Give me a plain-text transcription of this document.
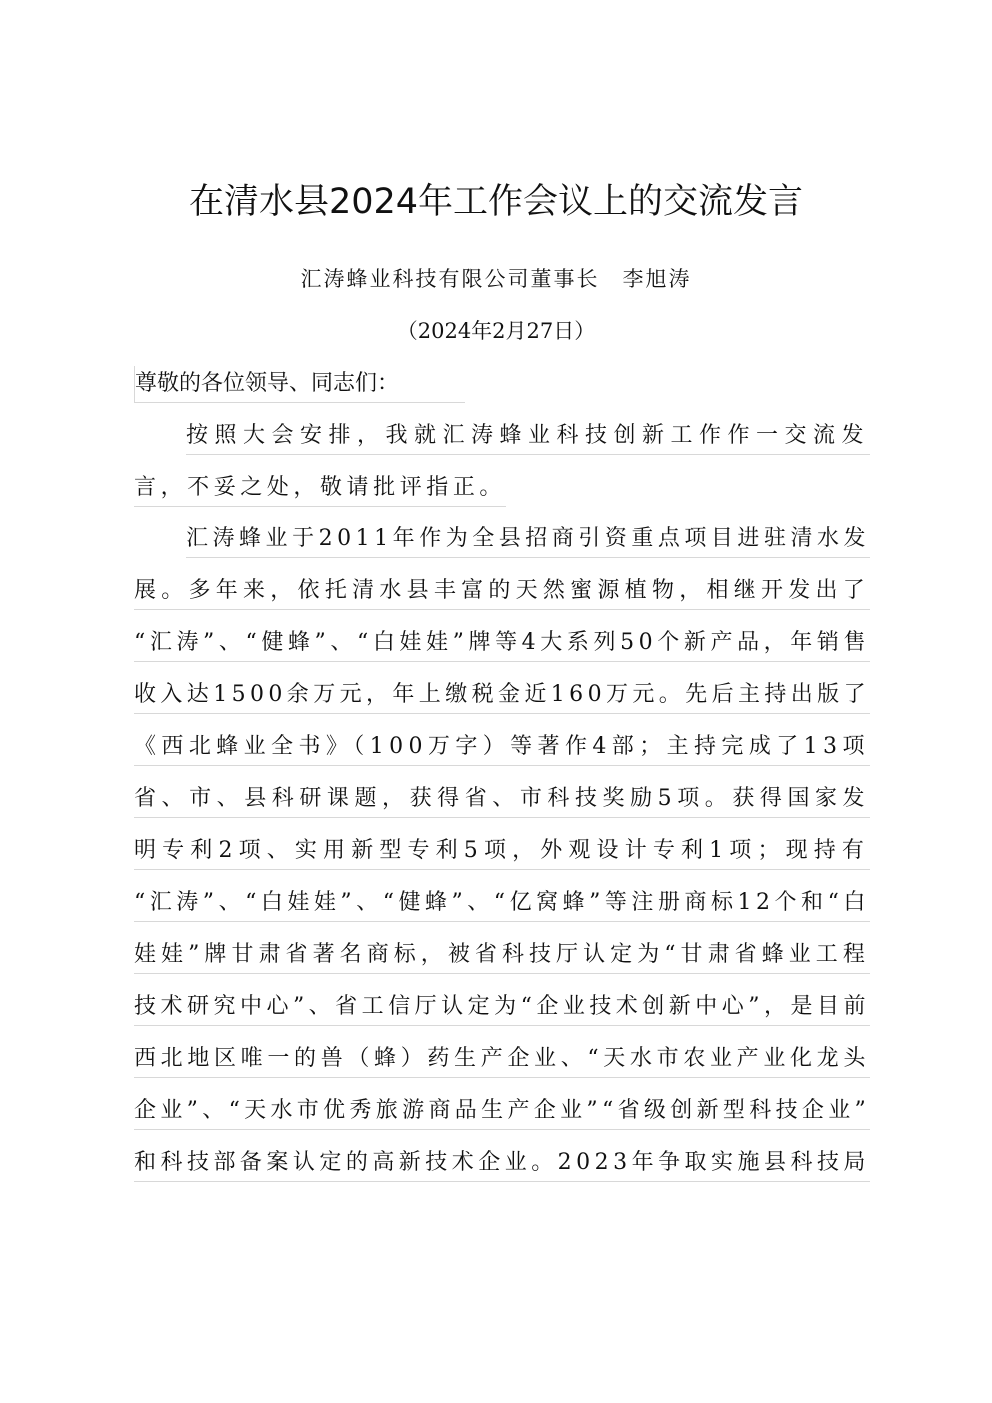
在清水县2024年工作会议上的交流发言
汇涛蜂业科技有限公司董事长　李旭涛
（2024年2月27日）
尊敬的各位领导、同志们：
按照大会安排，我就汇涛蜂业科技创新工作作一交流发
言，不妥之处，敬请批评指正。
汇涛蜂业于2011年作为全县招商引资重点项目进驻清水发
展。多年来，依托清水县丰富的天然蜜源植物，相继开发出了
“汇涛”、“健蜂”、“白娃娃”牌等4大系列50个新产品，年销售
收入达1500余万元，年上缴税金近160万元。先后主持出版了
《西北蜂业全书》（100万字）等著作4部；主持完成了13项
省、市、县科研课题，获得省、市科技奖励5项。获得国家发
明专利2项、实用新型专利5项，外观设计专利1项；现持有
“汇涛”、“白娃娃”、“健蜂”、“亿窝蜂”等注册商标12个和“白
娃娃”牌甘肃省著名商标，被省科技厅认定为“甘肃省蜂业工程
技术研究中心”、省工信厅认定为“企业技术创新中心”，是目前
西北地区唯一的兽（蜂）药生产企业、“天水市农业产业化龙头
企业”、“天水市优秀旅游商品生产企业”“省级创新型科技企业”
和科技部备案认定的高新技术企业。2023年争取实施县科技局
